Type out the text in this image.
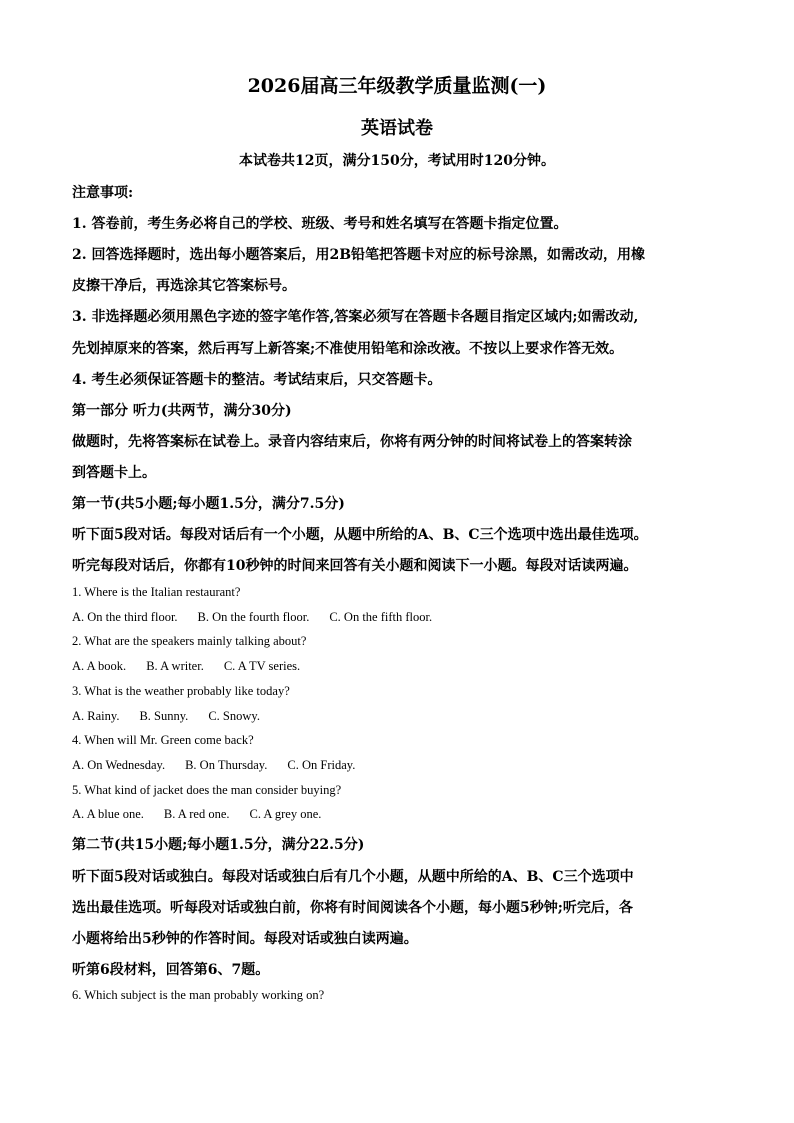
2026届高三年级教学质量监测(一)
英语试卷
本试卷共12页，满分150分，考试用时120分钟。
注意事项:
1. 答卷前，考生务必将自己的学校、班级、考号和姓名填写在答题卡指定位置。
2. 回答选择题时，选出每小题答案后，用2B铅笔把答题卡对应的标号涂黑，如需改动，用橡
皮擦干净后，再选涂其它答案标号。
3. 非选择题必须用黑色字迹的签字笔作答,答案必须写在答题卡各题目指定区域内;如需改动,
先划掉原来的答案，然后再写上新答案;不准使用铅笔和涂改液。不按以上要求作答无效。
4. 考生必须保证答题卡的整洁。考试结束后，只交答题卡。
第一部分 听力(共两节，满分30分)
做题时，先将答案标在试卷上。录音内容结束后，你将有两分钟的时间将试卷上的答案转涂
到答题卡上。
第一节(共5小题;每小题1.5分，满分7.5分)
听下面5段对话。每段对话后有一个小题，从题中所给的A、B、C三个选项中选出最佳选项。
听完每段对话后，你都有10秒钟的时间来回答有关小题和阅读下一小题。每段对话读两遍。
1. Where is the Italian restaurant?
A. On the third floor. B. On the fourth floor. C. On the fifth floor.
2. What are the speakers mainly talking about?
A. A book. B. A writer. C. A TV series.
3. What is the weather probably like today?
A. Rainy. B. Sunny. C. Snowy.
4. When will Mr. Green come back?
A. On Wednesday. B. On Thursday. C. On Friday.
5. What kind of jacket does the man consider buying?
A. A blue one. B. A red one. C. A grey one.
第二节(共15小题;每小题1.5分，满分22.5分)
听下面5段对话或独白。每段对话或独白后有几个小题，从题中所给的A、B、C三个选项中
选出最佳选项。听每段对话或独白前，你将有时间阅读各个小题，每小题5秒钟;听完后，各
小题将给出5秒钟的作答时间。每段对话或独白读两遍。
听第6段材料，回答第6、7题。
6. Which subject is the man probably working on?
